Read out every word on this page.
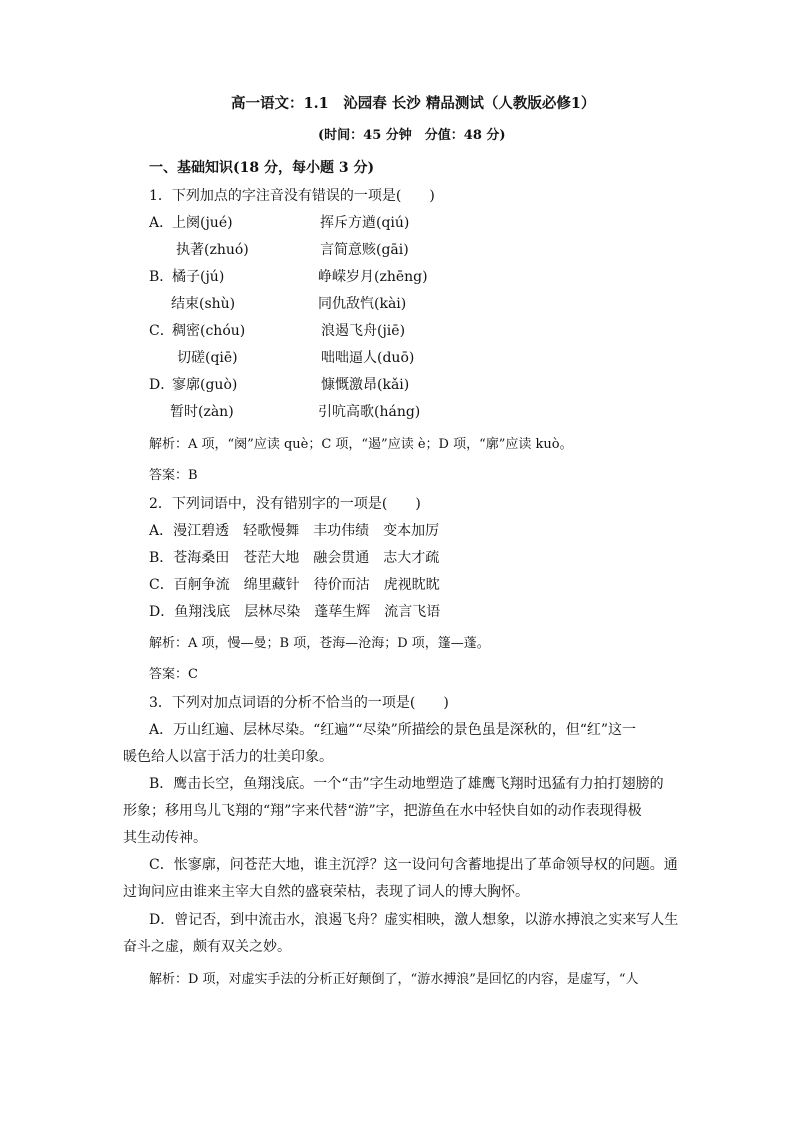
高一语文：1.1　沁园春 长沙 精品测试（人教版必修1）
(时间：45 分钟　分值：48 分)
一、基础知识(18 分，每小题 3 分)
1．下列加点的字注音没有错误的一项是(　　)
A．
上阕(jué)	挥斥方遒(qiú)
执著(zhuó)	言简意赅(gāi)
B．
橘子(jú)	峥嵘岁月(zhēng)
结束(shù)	同仇敌忾(kài)
C．
稠密(chóu)	浪遏飞舟(jiē)
切磋(qiē)	咄咄逼人(duō)
D．
寥廓(guò)	慷慨激昂(kǎi)
暂时(zàn)	引吭高歌(háng)
解析：A 项，“阕”应读 què；C 项，“遏”应读 è；D 项，“廓”应读 kuò。
答案：B
2．下列词语中，没有错别字的一项是(　　)
A．漫江碧透　轻歌慢舞　丰功伟绩　变本加厉
B．苍海桑田　苍茫大地　融会贯通　志大才疏
C．百舸争流　绵里藏针　待价而沽　虎视眈眈
D．鱼翔浅底　层林尽染　蓬荜生辉　流言飞语
解析：A 项，慢—曼；B 项，苍海—沧海；D 项，篷—蓬。
答案：C
3．下列对加点词语的分析不恰当的一项是(　　)
A．万山红遍、层林尽染。“红遍”“尽染”所描绘的景色虽是深秋的，但“红”这一
暖色给人以富于活力的壮美印象。
B．鹰击长空，鱼翔浅底。一个“击”字生动地塑造了雄鹰飞翔时迅猛有力拍打翅膀的
形象；移用鸟儿飞翔的“翔”字来代替“游”字，把游鱼在水中轻快自如的动作表现得极
其生动传神。
C．怅寥廓，问苍茫大地，谁主沉浮？这一设问句含蓄地提出了革命领导权的问题。通
过询问应由谁来主宰大自然的盛衰荣枯，表现了词人的博大胸怀。
D．曾记否，到中流击水，浪遏飞舟？虚实相映，激人想象，以游水搏浪之实来写人生
奋斗之虚，颇有双关之妙。
解析：D 项，对虚实手法的分析正好颠倒了，“游水搏浪”是回忆的内容，是虚写，“人
